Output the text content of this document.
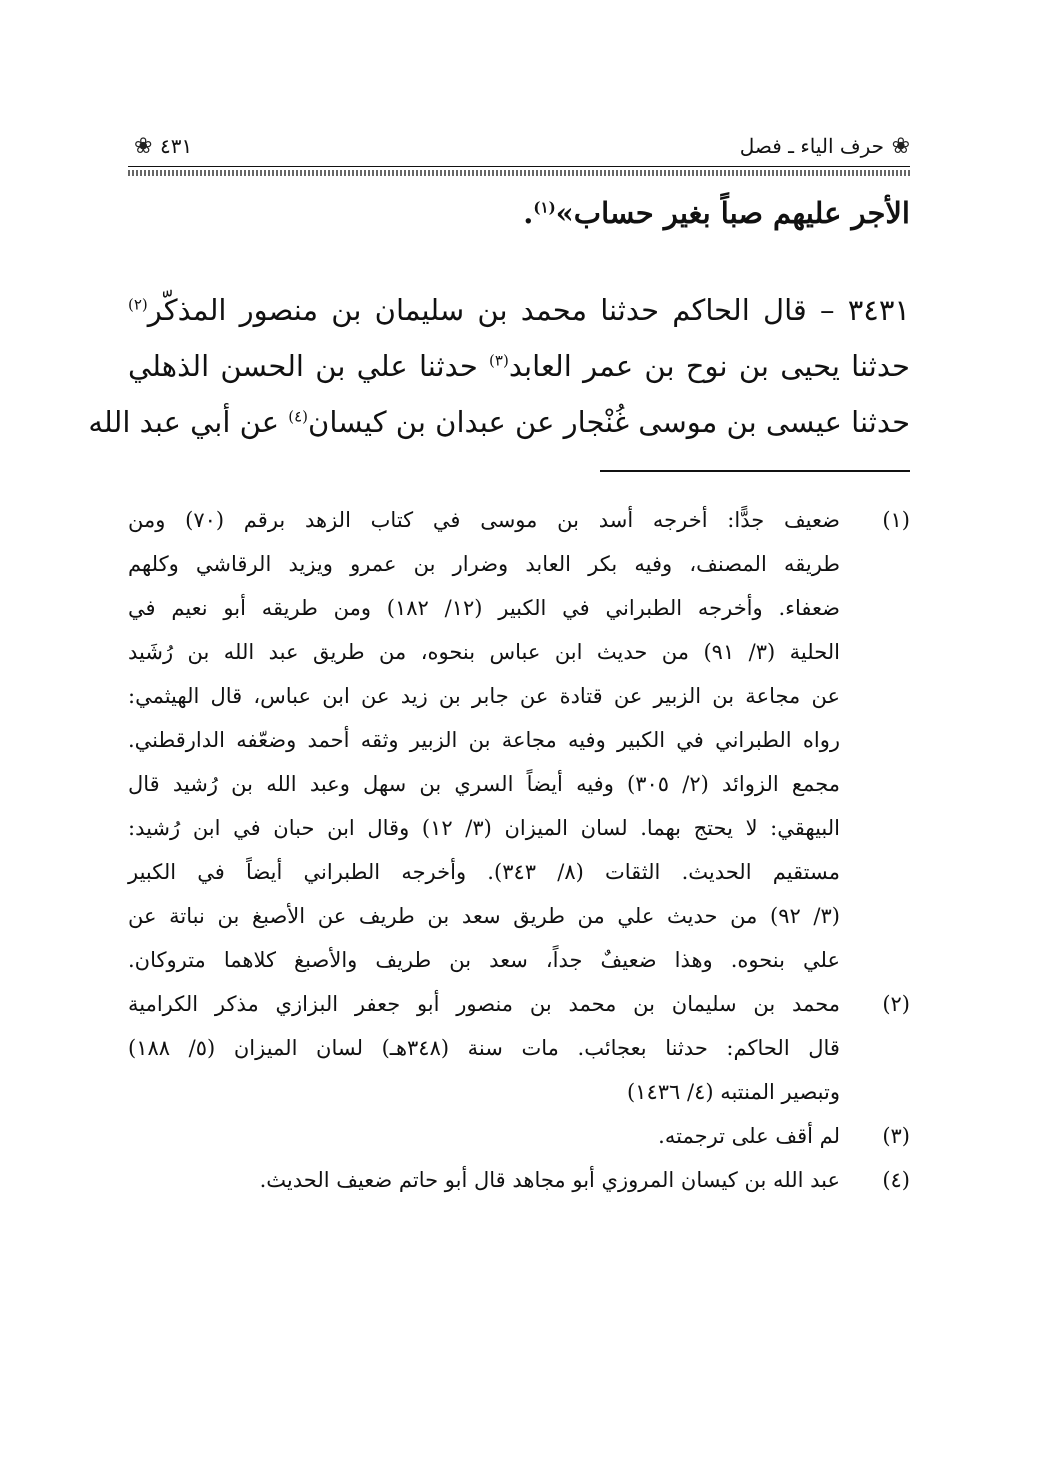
❀
حرف الياء ـ فصل
٤٣١
❀
الأجر عليهم صباً بغير حساب»$^{(١)}$.
٣٤٣١ – قال الحاكم حدثنا محمد بن سليمان بن منصور المذكّر$^{(٢)}$
حدثنا يحيى بن نوح بن عمر العابد$^{(٣)}$ حدثنا علي بن الحسن الذهلي
حدثنا عيسى بن موسى غُنْجار عن عبدان بن كيسان$^{(٤)}$ عن أبي عبد الله
(١)
ضعيف جدًّا: أخرجه أسد بن موسى في كتاب الزهد برقم (٧٠) ومن
طريقه المصنف، وفيه بكر العابد وضرار بن عمرو ويزيد الرقاشي وكلهم
ضعفاء. وأخرجه الطبراني في الكبير (١٢/ ١٨٢) ومن طريقه أبو نعيم في
الحلية (٣/ ٩١) من حديث ابن عباس بنحوه، من طريق عبد الله بن رُشَيد
عن مجاعة بن الزبير عن قتادة عن جابر بن زيد عن ابن عباس، قال الهيثمي:
رواه الطبراني في الكبير وفيه مجاعة بن الزبير وثقه أحمد وضعّفه الدارقطني.
مجمع الزوائد (٢/ ٣٠٥) وفيه أيضاً السري بن سهل وعبد الله بن رُشيد قال
البيهقي: لا يحتج بهما. لسان الميزان (٣/ ١٢) وقال ابن حبان في ابن رُشيد:
مستقيم الحديث. الثقات (٨/ ٣٤٣). وأخرجه الطبراني أيضاً في الكبير
(٣/ ٩٢) من حديث علي من طريق سعد بن طريف عن الأصبغ بن نباتة عن
علي بنحوه. وهذا ضعيفٌ جداً، سعد بن طريف والأصبغ كلاهما متروكان.
(٢)
محمد بن سليمان بن محمد بن منصور أبو جعفر البزازي مذكر الكرامية
قال الحاكم: حدثنا بعجائب. مات سنة (٣٤٨هـ) لسان الميزان (٥/ ١٨٨)
وتبصير المنتبه (٤/ ١٤٣٦)
(٣)
لم أقف على ترجمته.
(٤)
عبد الله بن كيسان المروزي أبو مجاهد قال أبو حاتم ضعيف الحديث.
